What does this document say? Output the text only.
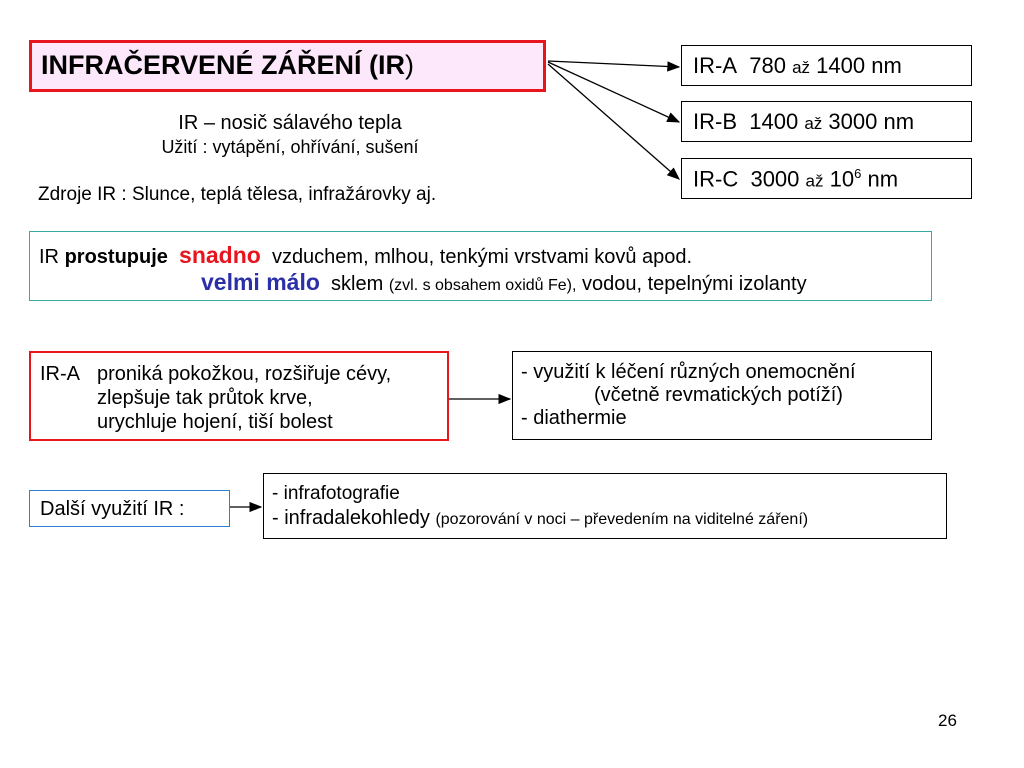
INFRAČERVENÉ ZÁŘENÍ (IR)	IR-A 780 až 1400 nm
IR-B 1400 až 3000 nm
IR-C 3000 až $10^6$ nm
IR – nosič sálavého tepla
Užití : vytápění, ohřívání, sušení
Zdroje IR : Slunce, teplá tělesa, infražárovky aj.
IR prostupuje snadno vzduchem, mlhou, tenkými vrstvami kovů apod.
velmi málo sklem (zvl. s obsahem oxidů Fe), vodou, tepelnými izolanty
IR-A proniká pokožkou, rozšiřuje cévy,
zlepšuje tak průtok krve,
urychluje hojení, tiší bolest
- využití k léčení různých onemocnění
(včetně revmatických potíží)
- diathermie
Další využití IR :
- infrafotografie
- infradalekohledy (pozorování v noci – převedením na viditelné záření)
26
